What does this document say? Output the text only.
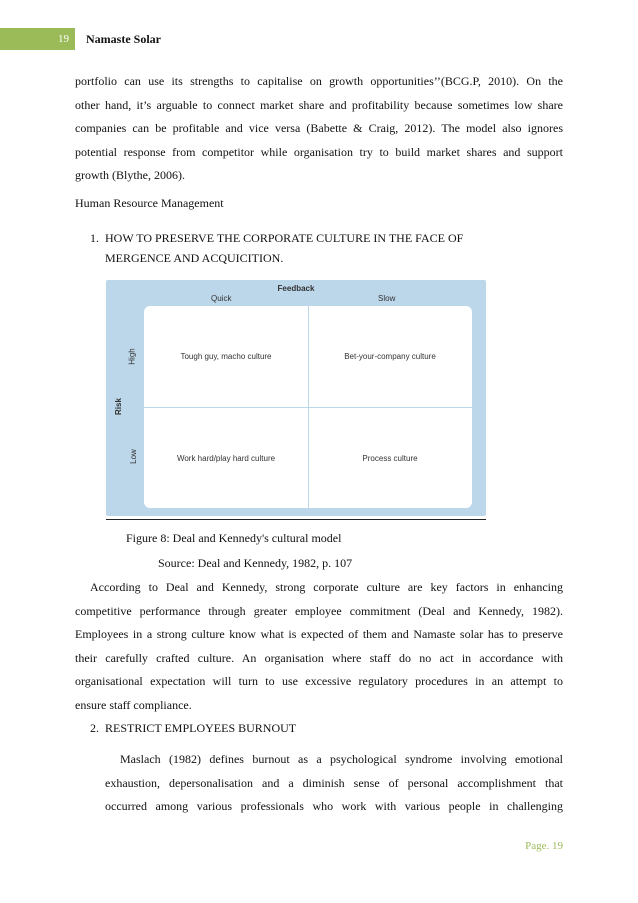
19	Namaste Solar
portfolio can use its strengths to capitalise on growth opportunities’’(BCG.P, 2010). On the
other hand, it’s arguable to connect market share and profitability because sometimes low share
companies can be profitable and vice versa (Babette & Craig, 2012). The model also ignores
potential response from competitor while organisation try to build market shares and support
growth (Blythe, 2006).
Human Resource Management
1. HOW TO PRESERVE THE CORPORATE CULTURE IN THE FACE OF
MERGENCE AND ACQUICITION.
Feedback
Quick	Slow
Risk
High
Low
Tough guy, macho culture	Bet-your-company culture
Work hard/play hard culture	Process culture
Figure 8: Deal and Kennedy's cultural model
Source: Deal and Kennedy, 1982, p. 107
According to Deal and Kennedy, strong corporate culture are key factors in enhancing
competitive performance through greater employee commitment (Deal and Kennedy, 1982).
Employees in a strong culture know what is expected of them and Namaste solar has to preserve
their carefully crafted culture. An organisation where staff do no act in accordance with
organisational expectation will turn to use excessive regulatory procedures in an attempt to
ensure staff compliance.
2. RESTRICT EMPLOYEES BURNOUT
Maslach (1982) defines burnout as a psychological syndrome involving emotional
exhaustion, depersonalisation and a diminish sense of personal accomplishment that
occurred among various professionals who work with various people in challenging
Page. 19
